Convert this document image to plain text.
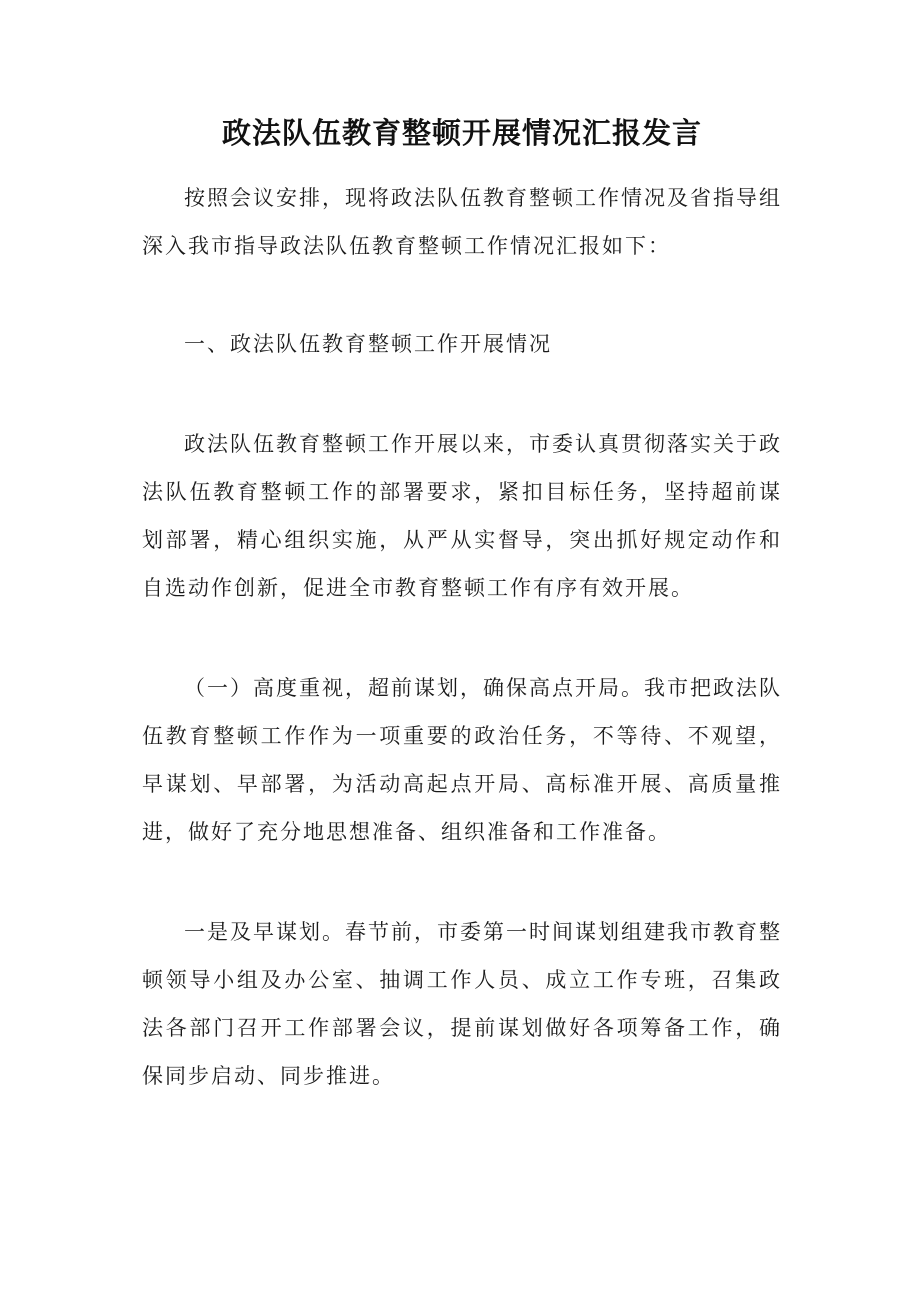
政法队伍教育整顿开展情况汇报发言

按照会议安排，现将政法队伍教育整顿工作情况及省指导组深入我市指导政法队伍教育整顿工作情况汇报如下：

一、政法队伍教育整顿工作开展情况

政法队伍教育整顿工作开展以来，市委认真贯彻落实关于政法队伍教育整顿工作的部署要求，紧扣目标任务，坚持超前谋划部署，精心组织实施，从严从实督导，突出抓好规定动作和自选动作创新，促进全市教育整顿工作有序有效开展。

（一）高度重视，超前谋划，确保高点开局。我市把政法队伍教育整顿工作作为一项重要的政治任务，不等待、不观望，早谋划、早部署，为活动高起点开局、高标准开展、高质量推进，做好了充分地思想准备、组织准备和工作准备。

一是及早谋划。春节前，市委第一时间谋划组建我市教育整顿领导小组及办公室、抽调工作人员、成立工作专班，召集政法各部门召开工作部署会议，提前谋划做好各项筹备工作，确保同步启动、同步推进。
